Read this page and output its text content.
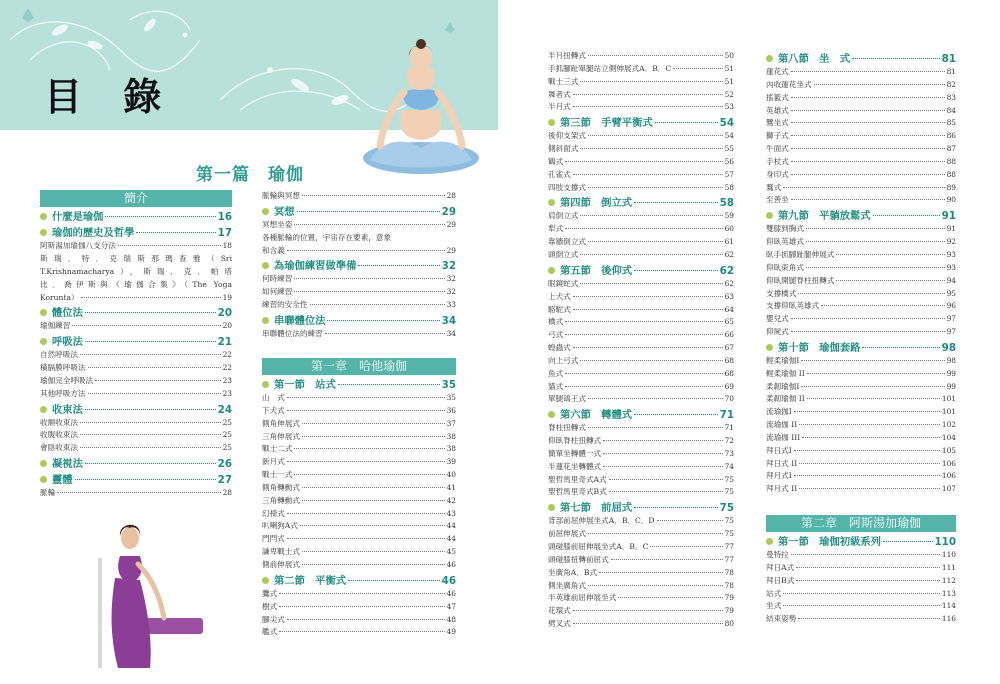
目 錄
第一篇　瑜伽
簡介
什麼是瑜伽	16
瑜伽的歷史及哲學	17
阿斯湯加瑜伽八支分法	18
斯瑞．特．克瑞斯那瑪查雅（Sri
T.Krishnamacharya），斯瑞．克．帕塔
比．喬伊斯與《瑜伽合集》（The Yoga
Korunta）	19
體位法	20
瑜伽練習	20
呼吸法	21
自然呼吸法	22
橫膈膜呼吸法	22
瑜伽完全呼吸法	23
其他呼吸方法	23
收束法	24
收額收束法	25
收腹收束法	25
會陰收束法	25
凝視法	26
靈體	27
脈輪	28
脈輪與冥想	28
冥想	29
冥想坐姿	29
各種脈輪的位置，宇宙存在要素，意象
和含義	29
為瑜伽練習做準備	32
何時練習	32
如何練習	32
練習的安全性	33
串聯體位法	34
串聯體位法的練習	34
第一章　哈他瑜伽
第一節　站式	35
山　式	35
下犬式	36
側角伸展式	37
三角伸展式	38
戰士二式	38
新月式	39
戰士一式	40
側角轉動式	41
三角轉動式	42
幻椅式	43
叭喇狗A式	44
門閂式	44
謙卑戰士式	45
側前伸展式	46
第二節　平衡式	46
鷹式	46
樹式	47
腳尖式	48
艦式	49
半月扭轉式	50
手抓腳趾單腿站立側伸展式A．B．C	51
戰士三式	51
舞者式	52
半月式	53
第三節　手臂平衡式	54
後仰支架式	54
側斜面式	55
鶴式	56
孔雀式	57
四肢支撐式	58
第四節　倒立式	58
肩倒立式	59
犁式	60
靠牆倒立式	61
頭倒立式	62
第五節　後仰式	62
眼鏡蛇式	62
上犬式	63
駱駝式	64
橋式	65
弓式	66
蝗蟲式	67
向上弓式	68
魚式	68
貓式	69
單腿鴿王式	70
第六節　轉體式	71
脊柱扭轉式	71
仰臥脊柱扭轉式	72
簡單坐轉體一式	73
半蓮花坐轉體式	74
聖哲馬里奇式A式	75
聖哲馬里奇式B式	75
第七節　前屈式	75
背部前屈伸展坐式A．B．C．D	75
前屈伸展式	75
頭碰膝前屈伸展坐式A．B．C	77
頭碰膝扭轉前屈式	77
坐廣角A．B式	78
側坐廣角式	78
半英雄前屈伸展坐式	79
花環式	79
劈叉式	80
第八節　坐　式	81
蓮花式	81
內收蓮花坐式	82
搖籃式	83
英雄式	84
鷺坐式	85
獅子式	86
牛面式	87
手杖式	88
身印式	88
鶩式	89
至善坐	90
第九節　平躺放鬆式	91
雙膝到胸式	91
仰臥英雄式	92
臥手抓腳趾腿伸展式	93
仰臥束角式	93
仰臥開腿脊柱扭轉式	94
支撐橋式	95
支撐仰臥英雄式	96
嬰兒式	97
仰屍式	97
第十節　瑜伽套路	98
輕柔瑜伽I	98
輕柔瑜伽 II	99
柔韌瑜伽I	99
柔韌瑜伽 II	101
流瑜伽I	101
流瑜伽 II	102
流瑜伽 III	104
拜日式I	105
拜日式 II	106
拜月式I	106
拜月式 II	107
第二章　阿斯湯加瑜伽
第一節　瑜伽初級系列	110
曼特拉	110
拜日A式	111
拜日B式	112
站式	113
坐式	114
結束姿勢	116
